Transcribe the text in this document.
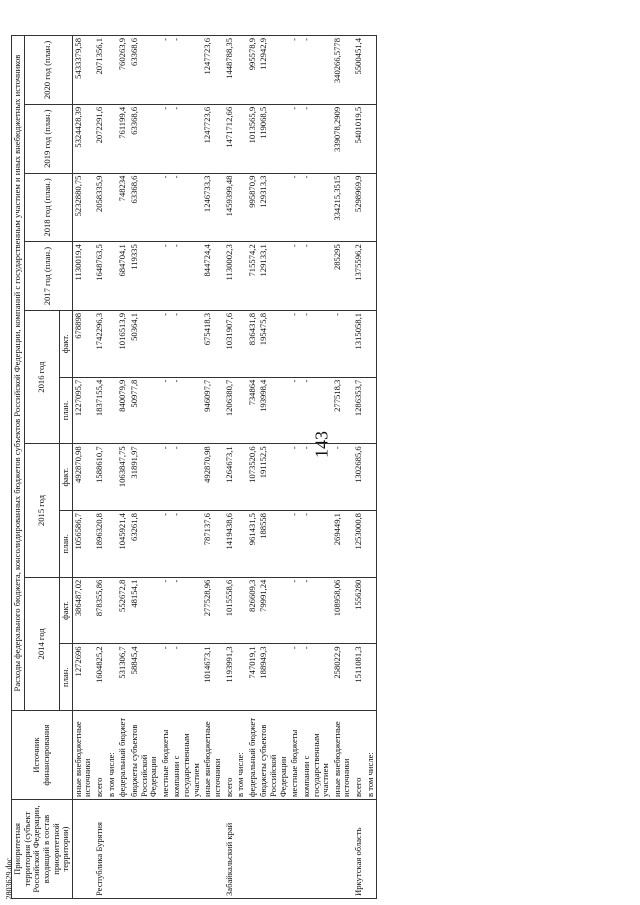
143
2803629.doc
Приоритетная территория (субъект Российской Федерации, входящий в состав приоритетной территории)	Источник финансирования	Расходы федерального бюджета, консолидированных бюджетов субъектов Российской Федерации, компаний с государственным участием и иных внебюджетных источников									
		2014 год		2015 год		2016 год		2017 год (план.)	2018 год (план.)	2019 год (план.)	2020 год (план.)
		план.	факт.	план.	факт.	план.	факт.				
	иные внебюджетные источники	1272696	386487,02	1056586,7	492870,98	1227095,7	678898	1130019,4	5232880,75	5324428,39	5433379,58
Республика Бурятия	всего	1604825,2	878355,86	1896320,8	1588610,7	1837155,4	1742296,3	1648763,5	2058335,9	2072291,6	2071356,1
	в том числе:										
	федеральный бюджет	531306,7	552672,8	1045921,4	1063847,75	840079,9	1016513,9	684704,1	748234	761199,4	760263,9
	бюджеты субъектов Российской Федерации	58845,4	48154,1	63261,8	31891,97	50977,8	50364,1	119335	63368,6	63368,6	63368,6
	местные бюджеты	-	-	-	-	-	-	-	-	-	-
	компании с государственным участием	-	-	-	-	-	-	-	-	-	-
	иные внебюджетные источники	1014673,1	277528,96	787137,6	492870,98	946097,7	675418,3	844724,4	1246733,3	1247723,6	1247723,6
Забайкальский край	всего	1193991,3	1015558,6	1419438,6	1264673,1	1206380,7	1031907,6	1130002,3	1459399,48	1471712,66	1448788,35
	в том числе:										
	федеральный бюджет	747019,1	826609,3	961431,5	1073520,6	734864	836431,8	715574,2	995870,9	1013565,9	995578,9
	бюджеты субъектов Российской Федерации	188949,3	79991,24	188558	191152,5	193998,4	195475,8	129133,1	129313,3	119068,5	112942,9
	местные бюджеты	-	-	-	-	-	-	-	-	-	-
	компании с государственным участием	-	-	-	-	-	-	-	-	-	-
	иные внебюджетные источники	258022,9	108958,06	269449,1	-	277518,3	-	285295	334215,3515	339078,2909	340266,5778
Иркутская область	всего	1511081,3	1556280	1253000,8	1302685,6	1286353,7	1315058,1	1375596,2	5298969,9	5401019,5	5500451,4
	в том числе:										
